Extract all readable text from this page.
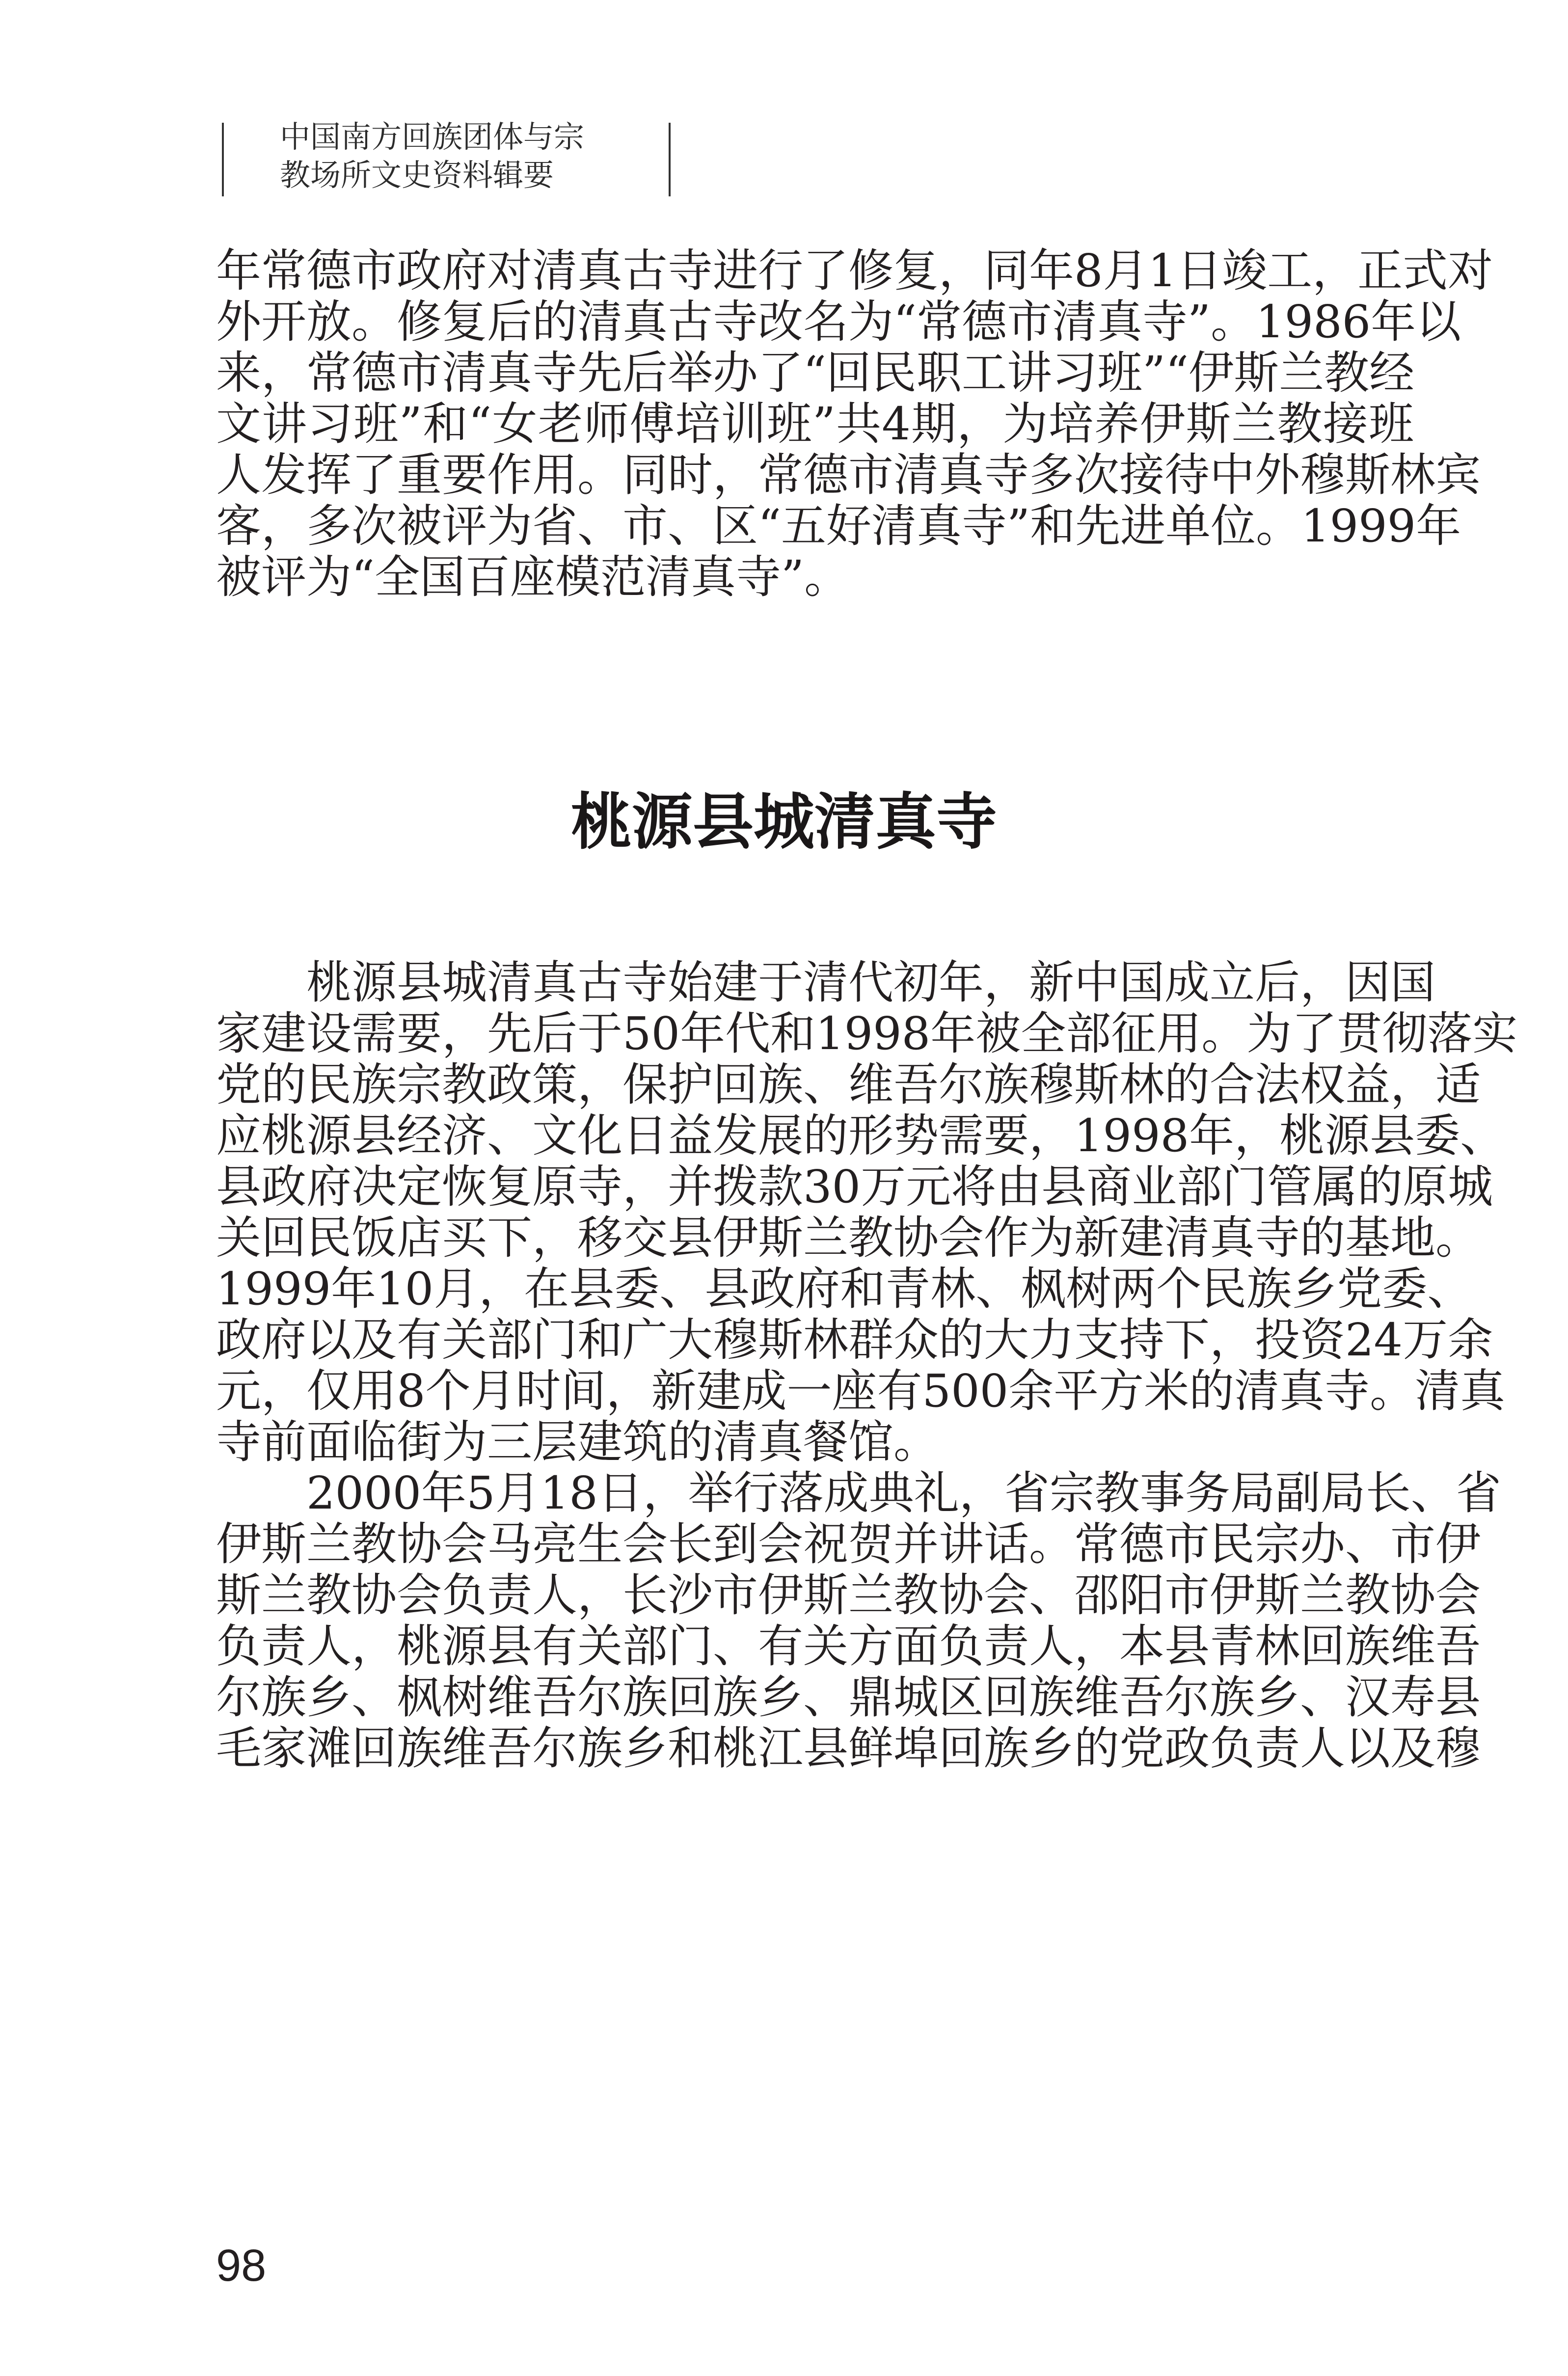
中国南方回族团体与宗
教场所文史资料辑要
年常德市政府对清真古寺进行了修复，同年8月1日竣工，正式对
外开放。修复后的清真古寺改名为“常德市清真寺”。1986年以
来，常德市清真寺先后举办了“回民职工讲习班”“伊斯兰教经
文讲习班”和“女老师傅培训班”共4期，为培养伊斯兰教接班
人发挥了重要作用。同时，常德市清真寺多次接待中外穆斯林宾
客，多次被评为省、市、区“五好清真寺”和先进单位。1999年
被评为“全国百座模范清真寺”。
桃源县城清真寺
桃源县城清真古寺始建于清代初年，新中国成立后，因国
家建设需要，先后于50年代和1998年被全部征用。为了贯彻落实
党的民族宗教政策，保护回族、维吾尔族穆斯林的合法权益，适
应桃源县经济、文化日益发展的形势需要，1998年，桃源县委、
县政府决定恢复原寺，并拨款30万元将由县商业部门管属的原城
关回民饭店买下，移交县伊斯兰教协会作为新建清真寺的基地。
1999年10月，在县委、县政府和青林、枫树两个民族乡党委、
政府以及有关部门和广大穆斯林群众的大力支持下，投资24万余
元，仅用8个月时间，新建成一座有500余平方米的清真寺。清真
寺前面临街为三层建筑的清真餐馆。
2000年5月18日，举行落成典礼，省宗教事务局副局长、省
伊斯兰教协会马亮生会长到会祝贺并讲话。常德市民宗办、市伊
斯兰教协会负责人，长沙市伊斯兰教协会、邵阳市伊斯兰教协会
负责人，桃源县有关部门、有关方面负责人，本县青林回族维吾
尔族乡、枫树维吾尔族回族乡、鼎城区回族维吾尔族乡、汉寿县
毛家滩回族维吾尔族乡和桃江县鲜埠回族乡的党政负责人以及穆
98
